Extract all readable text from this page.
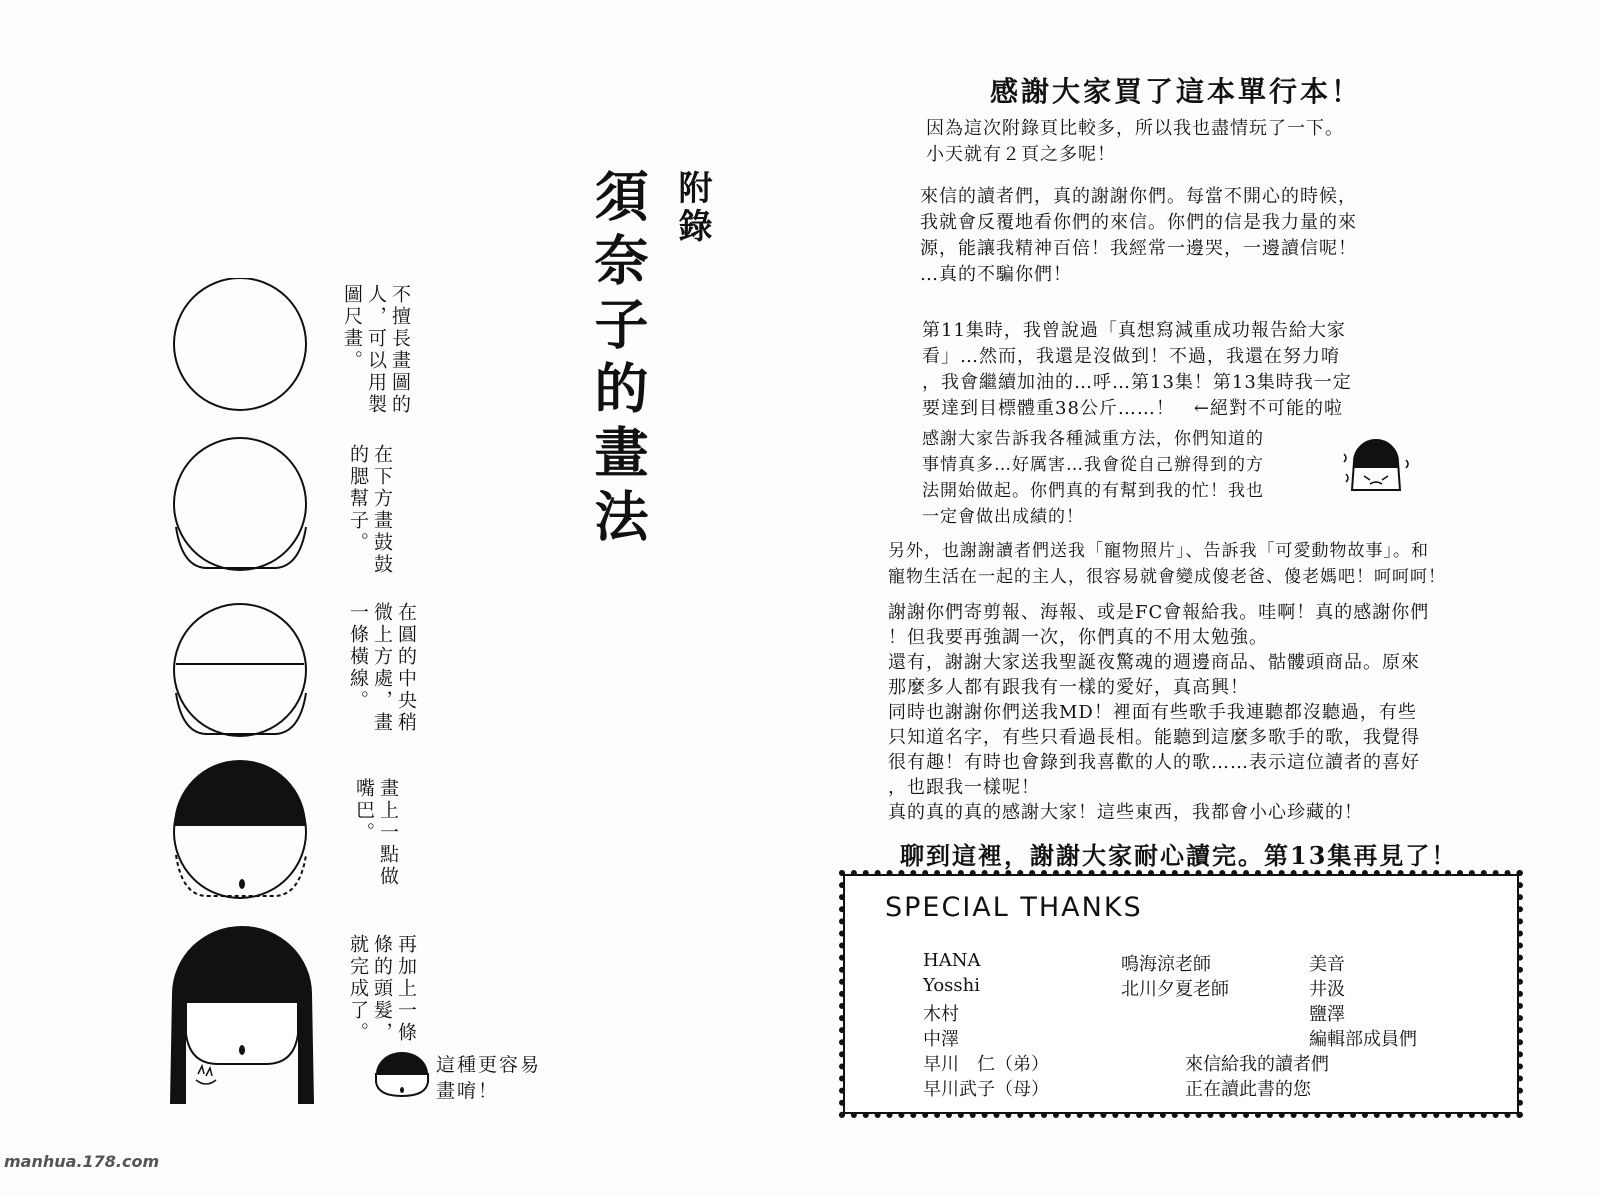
附錄

須奈子的畫法

不擅長畫圖的人，可以用製圖尺畫。

在下方畫鼓鼓的腮幫子。

在圓的中央稍微上方處，畫一條橫線。

畫上一點做嘴巴。

再加上一條條的頭髮，就完成了。

這種更容易
畫唷！

manhua.178.com
感謝大家買了這本單行本！

因為這次附錄頁比較多，所以我也盡情玩了一下。
小天就有２頁之多呢！

來信的讀者們，真的謝謝你們。每當不開心的時候，
我就會反覆地看你們的來信。你們的信是我力量的來
源，能讓我精神百倍！我經常一邊哭，一邊讀信呢！
…真的不騙你們！

第11集時，我曾說過「真想寫減重成功報告給大家
看」…然而，我還是沒做到！不過，我還在努力唷
，我會繼續加油的…呼…第13集！第13集時我一定
要達到目標體重38公斤……！　←絕對不可能的啦

感謝大家告訴我各種減重方法，你們知道的
事情真多…好厲害…我會從自己辦得到的方
法開始做起。你們真的有幫到我的忙！我也
一定會做出成績的！

另外，也謝謝讀者們送我「寵物照片」、告訴我「可愛動物故事」。和
寵物生活在一起的主人，很容易就會變成傻老爸、傻老媽吧！呵呵呵！

謝謝你們寄剪報、海報、或是FC會報給我。哇啊！真的感謝你們
！但我要再強調一次，你們真的不用太勉強。
還有，謝謝大家送我聖誕夜驚魂的週邊商品、骷髏頭商品。原來
那麼多人都有跟我有一樣的愛好，真高興！
同時也謝謝你們送我MD！裡面有些歌手我連聽都沒聽過，有些
只知道名字，有些只看過長相。能聽到這麼多歌手的歌，我覺得
很有趣！有時也會錄到我喜歡的人的歌……表示這位讀者的喜好
，也跟我一樣呢！
真的真的真的感謝大家！這些東西，我都會小心珍藏的！

聊到這裡，謝謝大家耐心讀完。第13集再見了！

SPECIAL THANKS

HANA

Yosshi

木村

中澤

早川　仁（弟）

早川武子（母）

鳴海涼老師

北川夕夏老師

美音

井汲

鹽澤

編輯部成員們

來信給我的讀者們

正在讀此書的您
